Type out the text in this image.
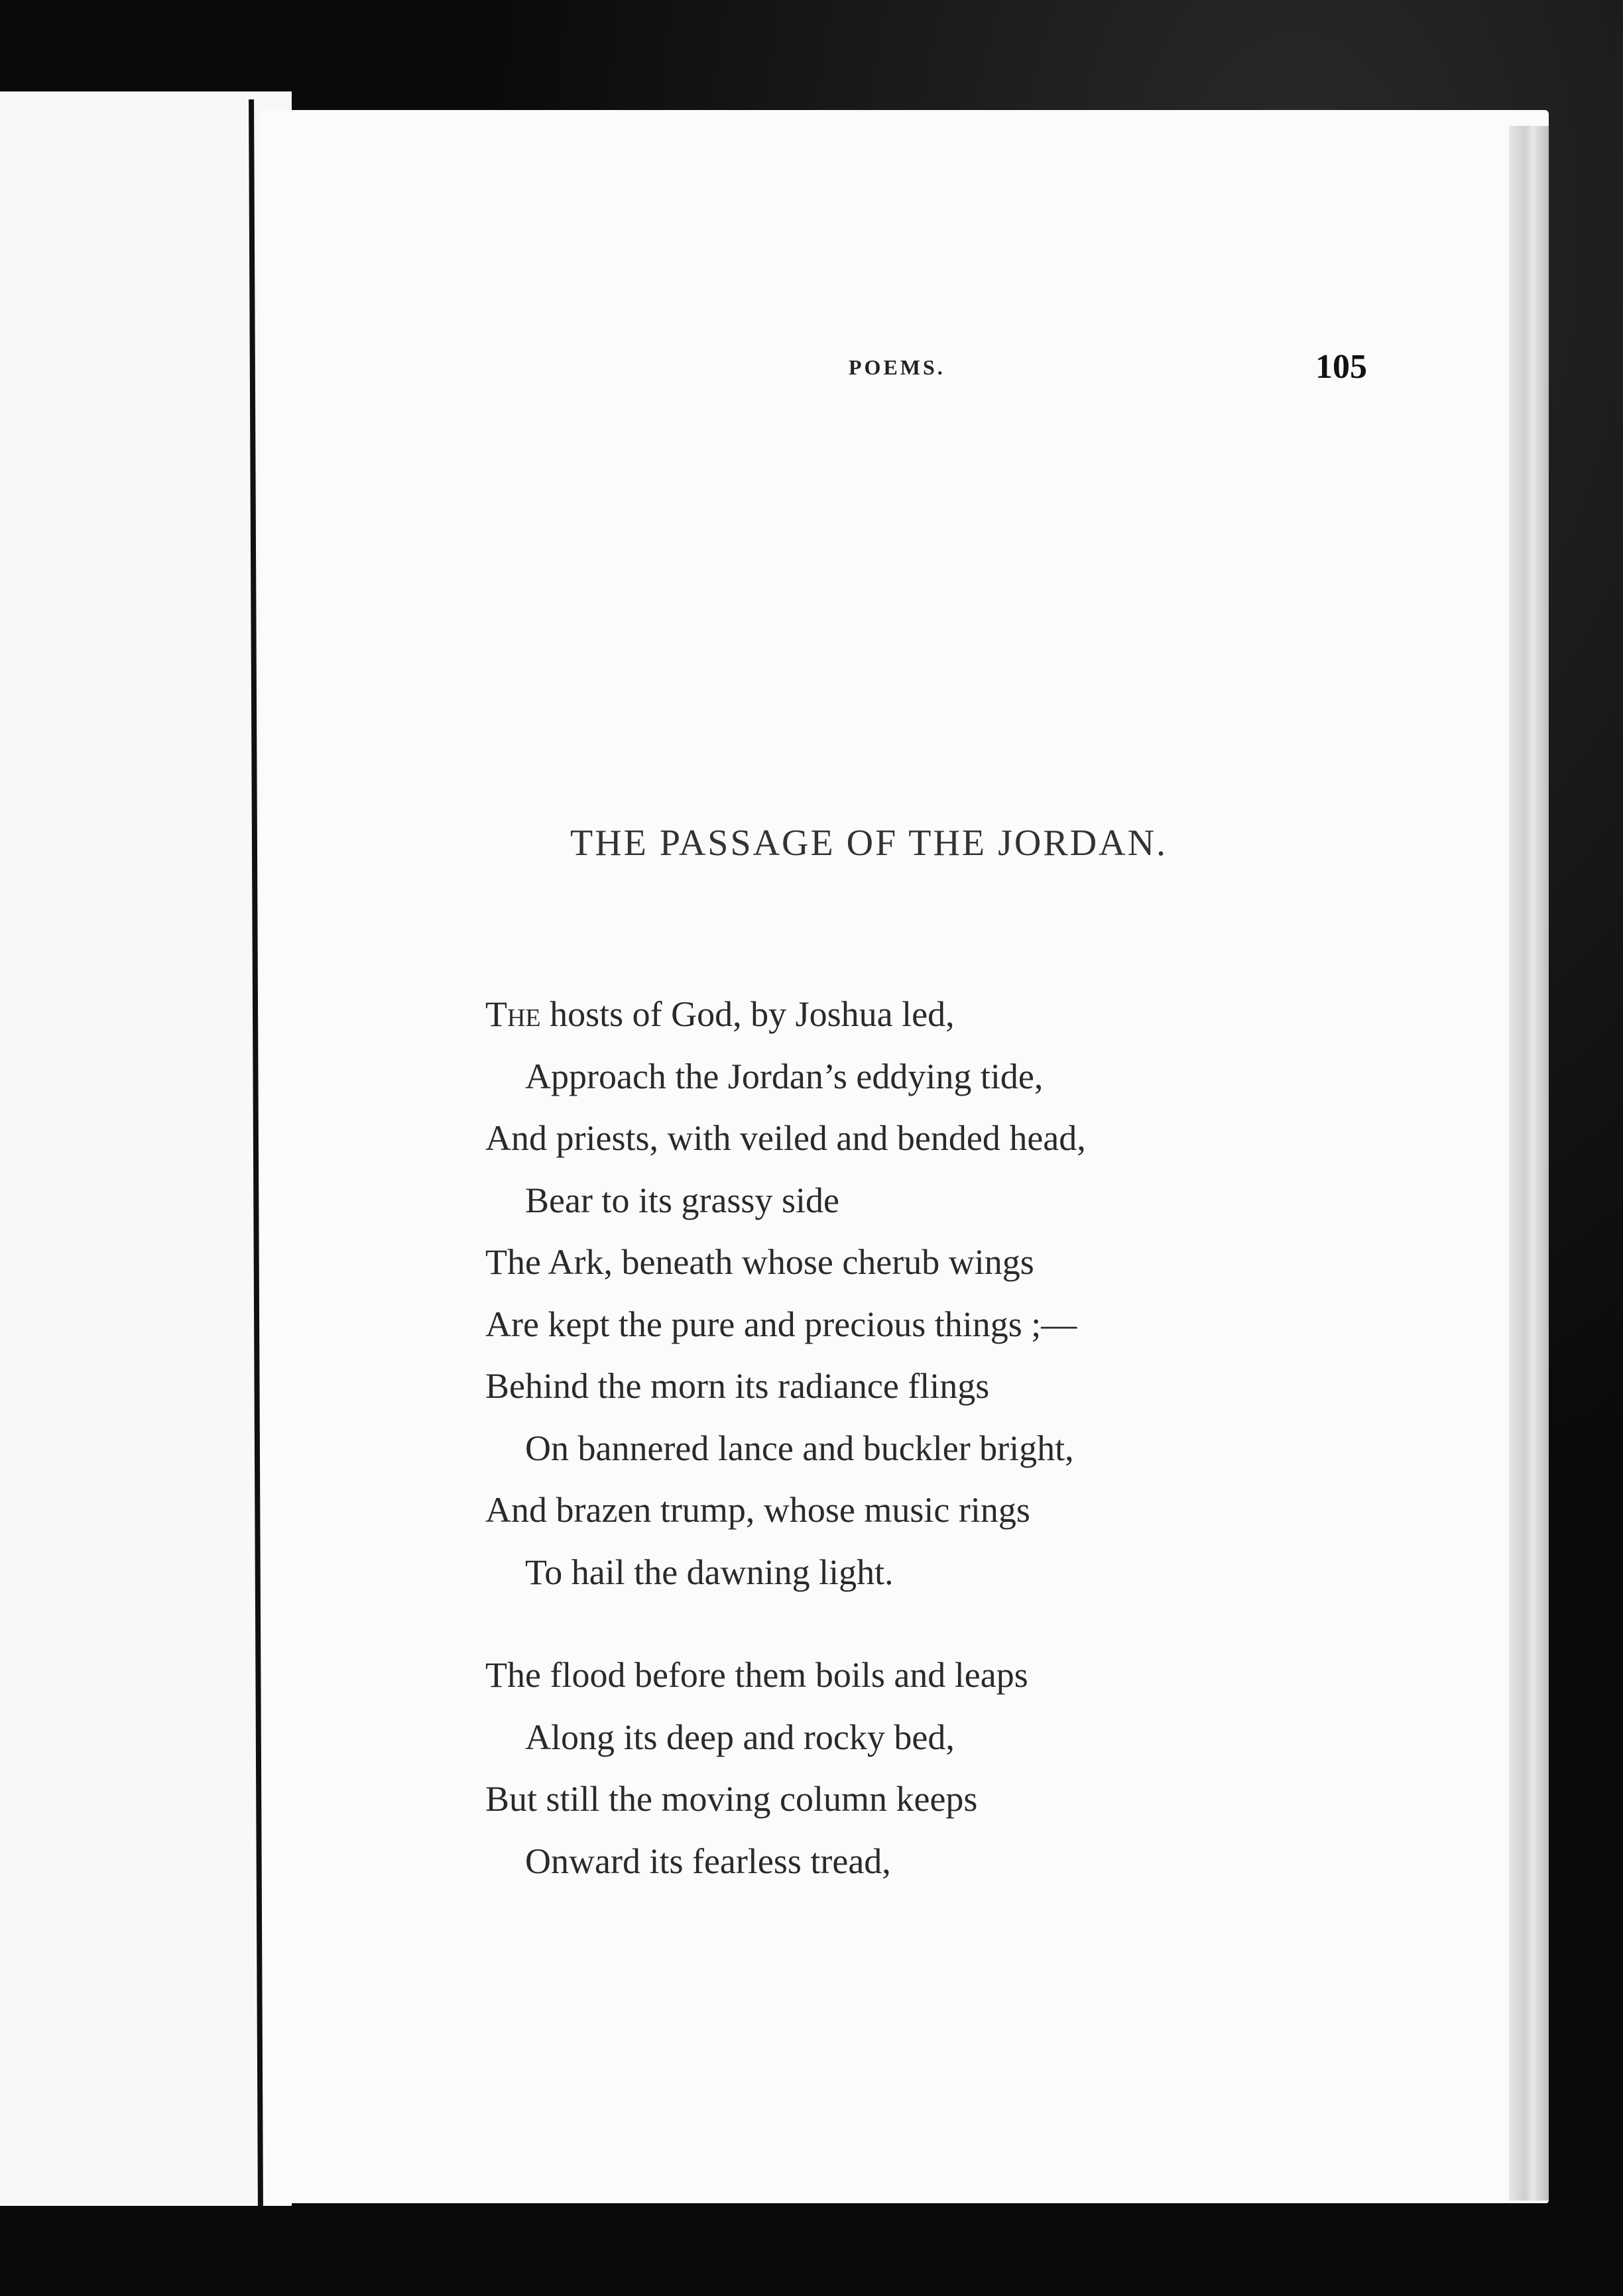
POEMS.	105
THE PASSAGE OF THE JORDAN.
The hosts of God, by Joshua led,
Approach the Jordan’s eddying tide,
And priests, with veiled and bended head,
Bear to its grassy side
The Ark, beneath whose cherub wings
Are kept the pure and precious things ;—
Behind the morn its radiance flings
On bannered lance and buckler bright,
And brazen trump, whose music rings
To hail the dawning light.
The flood before them boils and leaps
Along its deep and rocky bed,
But still the moving column keeps
Onward its fearless tread,
